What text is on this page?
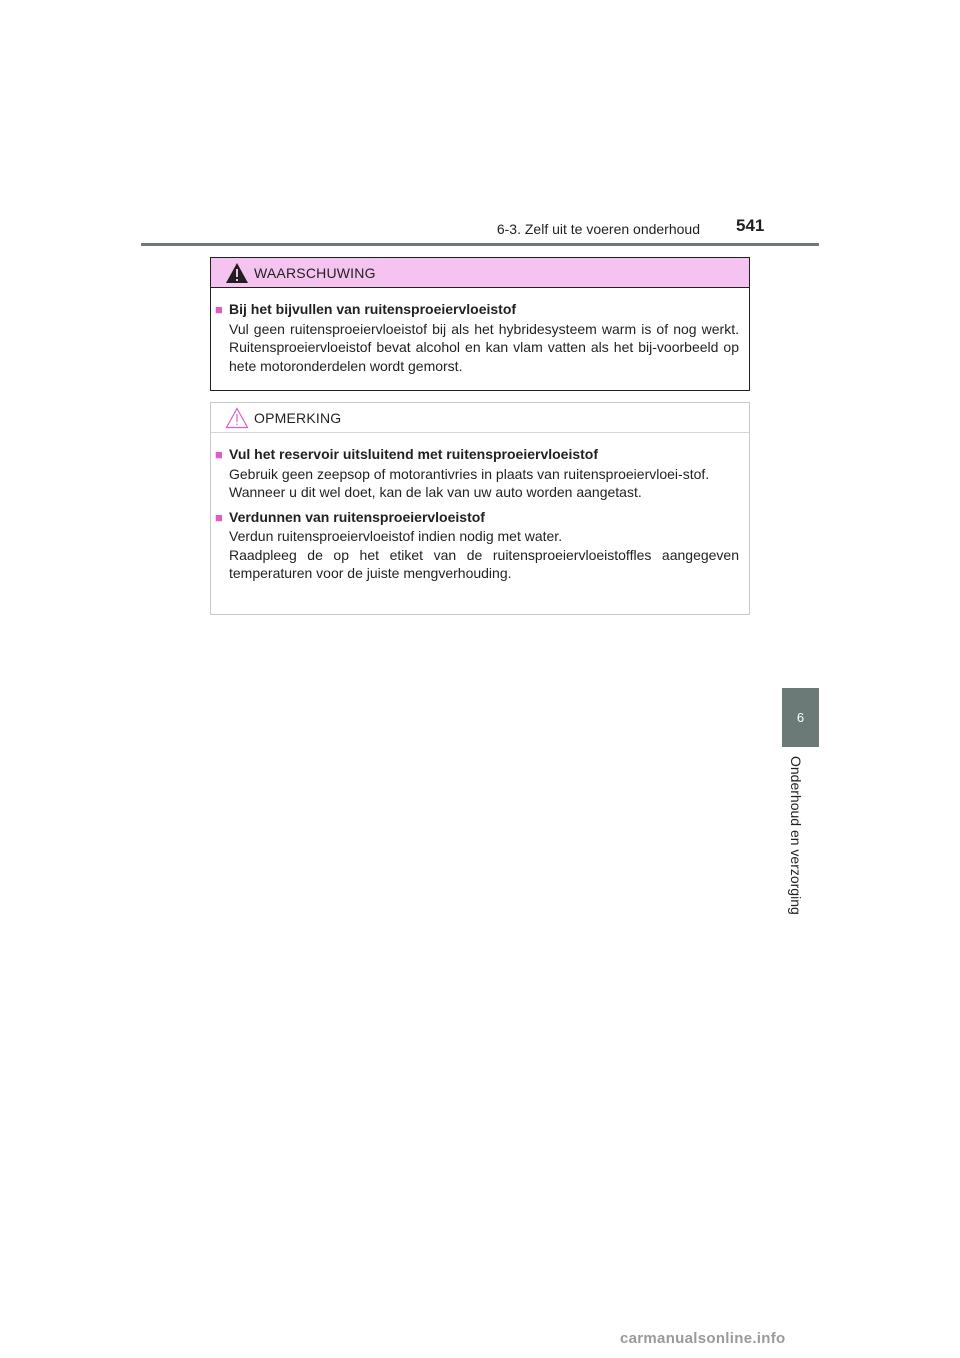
6-3. Zelf uit te voeren onderhoud 541
6
Onderhoud en verzorging
WAARSCHUWING
■ Bij het bijvullen van ruitensproeiervloeistof
Vul geen ruitensproeiervloeistof bij als het hybridesysteem warm is of nog werkt. Ruitensproeiervloeistof bevat alcohol en kan vlam vatten als het bij-voorbeeld op hete motoronderdelen wordt gemorst.
OPMERKING
■ Vul het reservoir uitsluitend met ruitensproeiervloeistof
Gebruik geen zeepsop of motorantivries in plaats van ruitensproeiervloei-stof.
Wanneer u dit wel doet, kan de lak van uw auto worden aangetast.
■ Verdunnen van ruitensproeiervloeistof
Verdun ruitensproeiervloeistof indien nodig met water.
Raadpleeg de op het etiket van de ruitensproeiervloeistoffles aangegeven temperaturen voor de juiste mengverhouding.
carmanualsonline.info
